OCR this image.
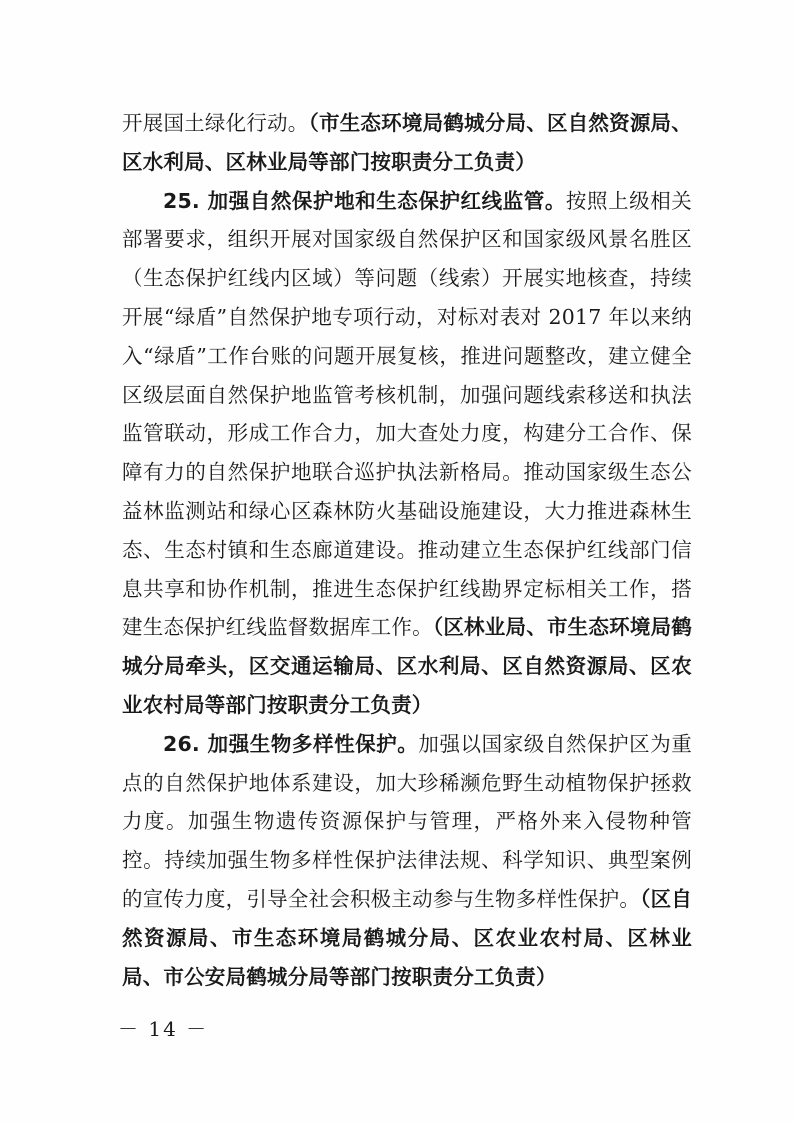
开展国土绿化行动。（市生态环境局鹤城分局、区自然资源局、区水利局、区林业局等部门按职责分工负责）

25. 加强自然保护地和生态保护红线监管。按照上级相关部署要求，组织开展对国家级自然保护区和国家级风景名胜区（生态保护红线内区域）等问题（线索）开展实地核查，持续开展“绿盾”自然保护地专项行动，对标对表对 2017 年以来纳入“绿盾”工作台账的问题开展复核，推进问题整改，建立健全区级层面自然保护地监管考核机制，加强问题线索移送和执法监管联动，形成工作合力，加大查处力度，构建分工合作、保障有力的自然保护地联合巡护执法新格局。推动国家级生态公益林监测站和绿心区森林防火基础设施建设，大力推进森林生态、生态村镇和生态廊道建设。推动建立生态保护红线部门信息共享和协作机制，推进生态保护红线勘界定标相关工作，搭建生态保护红线监督数据库工作。（区林业局、市生态环境局鹤城分局牵头，区交通运输局、区水利局、区自然资源局、区农业农村局等部门按职责分工负责）

26. 加强生物多样性保护。加强以国家级自然保护区为重点的自然保护地体系建设，加大珍稀濒危野生动植物保护拯救力度。加强生物遗传资源保护与管理，严格外来入侵物种管控。持续加强生物多样性保护法律法规、科学知识、典型案例的宣传力度，引导全社会积极主动参与生物多样性保护。（区自然资源局、市生态环境局鹤城分局、区农业农村局、区林业局、市公安局鹤城分局等部门按职责分工负责）

－ 14 －
